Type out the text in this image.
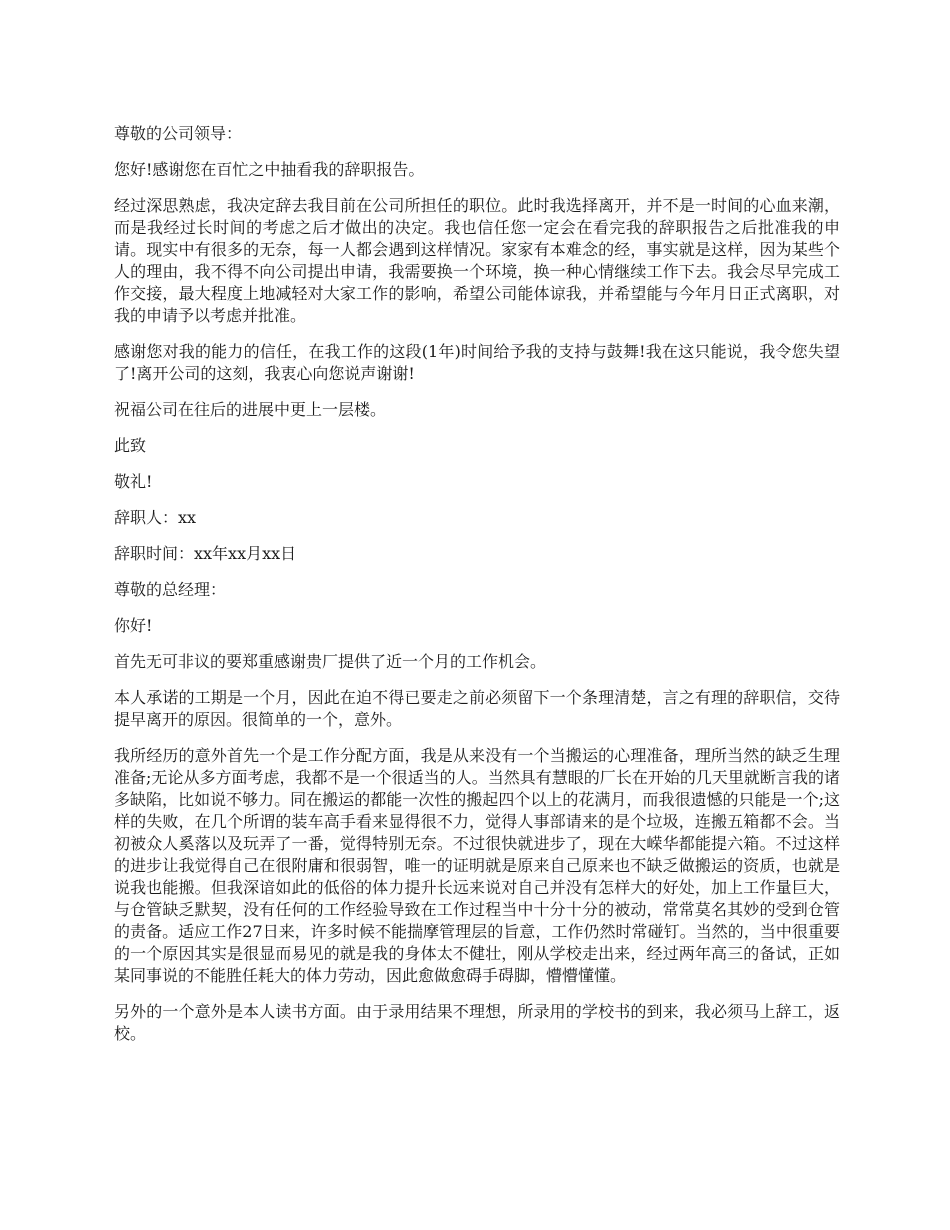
尊敬的公司领导：

您好!感谢您在百忙之中抽看我的辞职报告。

经过深思熟虑，我决定辞去我目前在公司所担任的职位。此时我选择离开，并不是一时间的心血来潮，而是我经过长时间的考虑之后才做出的决定。我也信任您一定会在看完我的辞职报告之后批准我的申请。现实中有很多的无奈，每一人都会遇到这样情况。家家有本难念的经，事实就是这样，因为某些个人的理由，我不得不向公司提出申请，我需要换一个环境，换一种心情继续工作下去。我会尽早完成工作交接，最大程度上地减轻对大家工作的影响，希望公司能体谅我，并希望能与今年月日正式离职，对我的申请予以考虑并批准。

感谢您对我的能力的信任，在我工作的这段(1年)时间给予我的支持与鼓舞!我在这只能说，我令您失望了!离开公司的这刻，我衷心向您说声谢谢!

祝福公司在往后的进展中更上一层楼。

此致

敬礼!

辞职人：xx

辞职时间：xx年xx月xx日

尊敬的总经理：

你好!

首先无可非议的要郑重感谢贵厂提供了近一个月的工作机会。

本人承诺的工期是一个月，因此在迫不得已要走之前必须留下一个条理清楚，言之有理的辞职信，交待提早离开的原因。很简单的一个，意外。

我所经历的意外首先一个是工作分配方面，我是从来没有一个当搬运的心理准备，理所当然的缺乏生理准备;无论从多方面考虑，我都不是一个很适当的人。当然具有慧眼的厂长在开始的几天里就断言我的诸多缺陷，比如说不够力。同在搬运的都能一次性的搬起四个以上的花满月，而我很遗憾的只能是一个;这样的失败，在几个所谓的装车高手看来显得很不力，觉得人事部请来的是个垃圾，连搬五箱都不会。当初被众人奚落以及玩弄了一番，觉得特别无奈。不过很快就进步了，现在大嵘华都能提六箱。不过这样的进步让我觉得自己在很附庸和很弱智，唯一的证明就是原来自己原来也不缺乏做搬运的资质，也就是说我也能搬。但我深谙如此的低俗的体力提升长远来说对自己并没有怎样大的好处，加上工作量巨大，与仓管缺乏默契，没有任何的工作经验导致在工作过程当中十分十分的被动，常常莫名其妙的受到仓管的责备。适应工作27日来，许多时候不能揣摩管理层的旨意，工作仍然时常碰钉。当然的，当中很重要的一个原因其实是很显而易见的就是我的身体太不健壮，刚从学校走出来，经过两年高三的备试，正如某同事说的不能胜任耗大的体力劳动，因此愈做愈碍手碍脚，懵懵懂懂。

另外的一个意外是本人读书方面。由于录用结果不理想，所录用的学校书的到来，我必须马上辞工，返校。
